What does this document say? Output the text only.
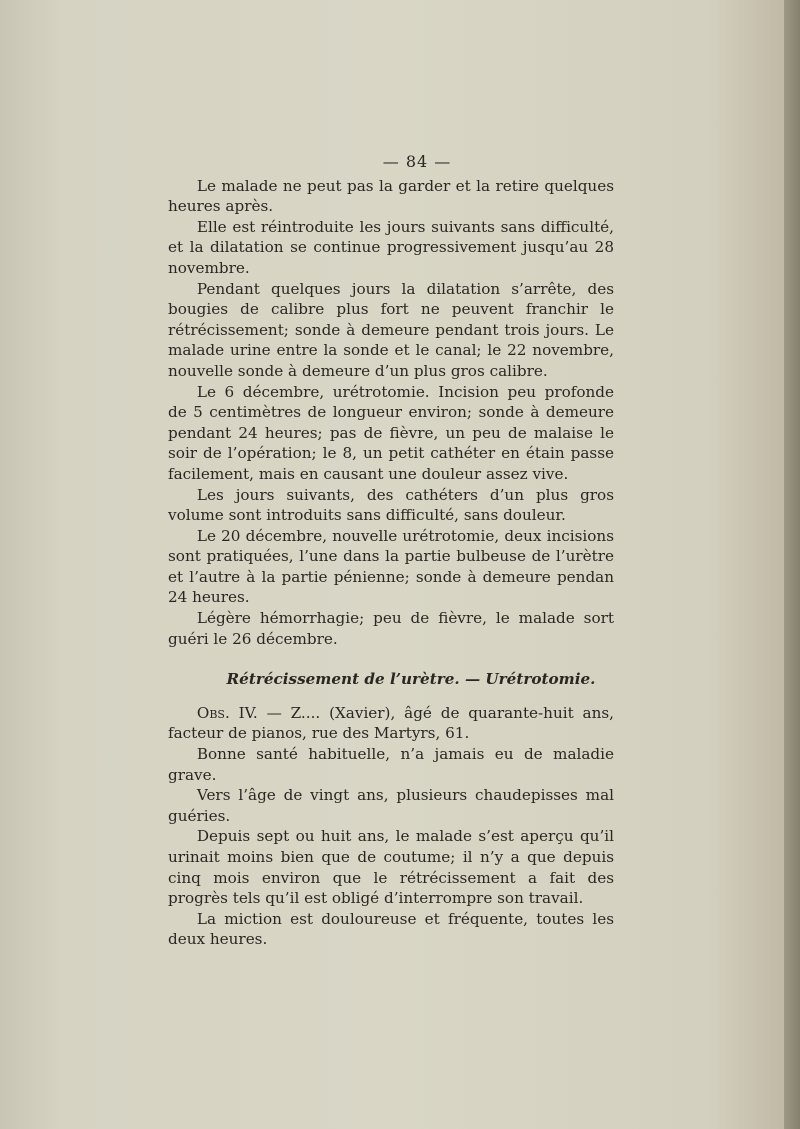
— 84 —

Le malade ne peut pas la garder et la retire quelques heures après.

Elle est réintroduite les jours suivants sans difficulté, et la dilatation se continue progressivement jusqu’au 28 novembre.

Pendant quelques jours la dilatation s’arrête, des bougies de calibre plus fort ne peuvent franchir le rétrécissement; sonde à demeure pendant trois jours. Le malade urine entre la sonde et le canal; le 22 novembre, nouvelle sonde à demeure d’un plus gros calibre.

Le 6 décembre, urétrotomie. Incision peu profonde de 5 centimètres de longueur environ; sonde à demeure pendant 24 heures; pas de fièvre, un peu de malaise le soir de l’opération; le 8, un petit cathéter en étain passe facilement, mais en causant une douleur assez vive.

Les jours suivants, des cathéters d’un plus gros volume sont introduits sans difficulté, sans douleur.

Le 20 décembre, nouvelle urétrotomie, deux incisions sont pratiquées, l’une dans la partie bulbeuse de l’urètre et l’autre à la partie pénienne; sonde à demeure pendan 24 heures.

Légère hémorrhagie; peu de fièvre, le malade sort guéri le 26 décembre.

Rétrécissement de l’urètre. — Urétrotomie.

Obs. IV. — Z.... (Xavier), âgé de quarante-huit ans, facteur de pianos, rue des Martyrs, 61.

Bonne santé habituelle, n’a jamais eu de maladie grave.

Vers l’âge de vingt ans, plusieurs chaudepisses mal guéries.

Depuis sept ou huit ans, le malade s’est aperçu qu’il urinait moins bien que de coutume; il n’y a que depuis cinq mois environ que le rétrécissement a fait des progrès tels qu’il est obligé d’interrompre son travail.

La miction est douloureuse et fréquente, toutes les deux heures.
